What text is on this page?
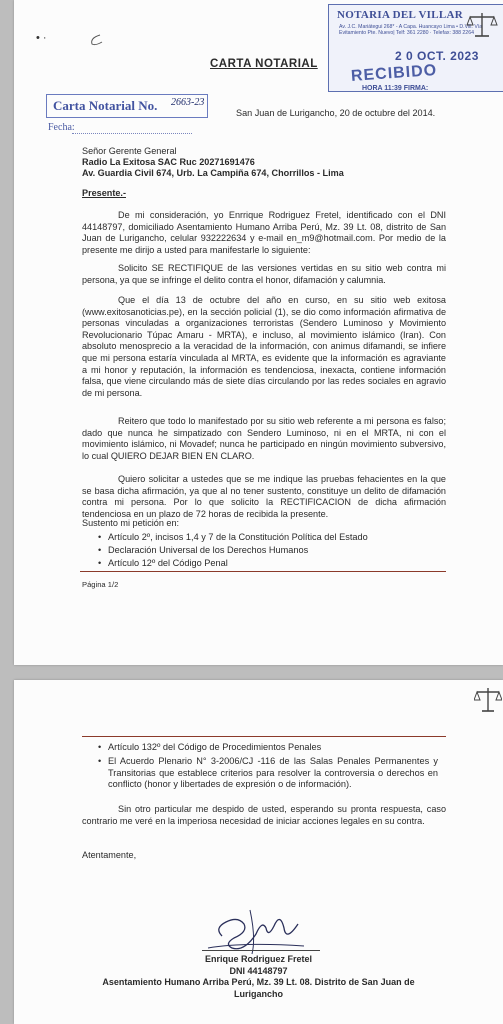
• ·
CARTA NOTARIAL
NOTARIA DEL VILLAR
Av. J.C. Mariátegui 268* - A Capa. Huancayo Lima • D.Vill. Vía Evitamiento Pte. Nuevo| Telf: 361 2280 · Telefax: 388 2264
2 0 OCT. 2023
RECIBIDO
HORA 11:39 FIRMA:
Carta Notarial No. 2663-23
Fecha:
San Juan de Lurigancho, 20 de octubre del 2014.
Señor Gerente General
Radio La Exitosa SAC Ruc 20271691476
Av. Guardia Civil 674, Urb. La Campiña 674, Chorrillos - Lima
Presente.-
De mi consideración, yo Enrrique Rodriguez Fretel, identificado con el DNI 44148797, domiciliado Asentamiento Humano Arriba Perú, Mz. 39 Lt. 08, distrito de San Juan de Lurigancho, celular 932222634 y e-mail en_m9@hotmail.com. Por medio de la presente me dirijo a usted para manifestarle lo siguiente:
Solicito SE RECTIFIQUE de las versiones vertidas en su sitio web contra mi persona, ya que se infringe el delito contra el honor, difamación y calumnia.
Que el día 13 de octubre del año en curso, en su sitio web exitosa (www.exitosanoticias.pe), en la sección policial (1), se dio como información afirmativa de personas vinculadas a organizaciones terroristas (Sendero Luminoso y Movimiento Revolucionario Túpac Amaru - MRTA), e incluso, al movimiento islámico (Iran). Con absoluto menosprecio a la veracidad de la información, con animus difamandi, se infiere que mi persona estaría vinculada al MRTA, es evidente que la información es agraviante a mi honor y reputación, la información es tendenciosa, inexacta, contiene información falsa, que viene circulando más de siete días circulando por las redes sociales en agravio de mi persona.
Reitero que todo lo manifestado por su sitio web referente a mi persona es falso; dado que nunca he simpatizado con Sendero Luminoso, ni en el MRTA, ni con el movimiento islámico, ni Movadef; nunca he participado en ningún movimiento subversivo, lo cual QUIERO DEJAR BIEN EN CLARO.
Quiero solicitar a ustedes que se me indique las pruebas fehacientes en la que se basa dicha afirmación, ya que al no tener sustento, constituye un delito de difamación contra mi persona. Por lo que solicito la RECTIFICACION de dicha afirmación tendenciosa en un plazo de 72 horas de recibida la presente.
Sustento mi petición en:
• Artículo 2º, incisos 1,4 y 7 de la Constitución Política del Estado
• Declaración Universal de los Derechos Humanos
• Artículo 12º del Código Penal
Página 1/2
• Artículo 132º del Código de Procedimientos Penales
• El Acuerdo Plenario N° 3-2006/CJ -116 de las Salas Penales Permanentes y Transitorias que establece criterios para resolver la controversia o derechos en conflicto (honor y libertades de expresión o de información).
Sin otro particular me despido de usted, esperando su pronta respuesta, caso contrario me veré en la imperiosa necesidad de iniciar acciones legales en su contra.
Atentamente,
Enrique Rodriguez Fretel
DNI 44148797
Asentamiento Humano Arriba Perú, Mz. 39 Lt. 08. Distrito de San Juan de
Lurigancho
